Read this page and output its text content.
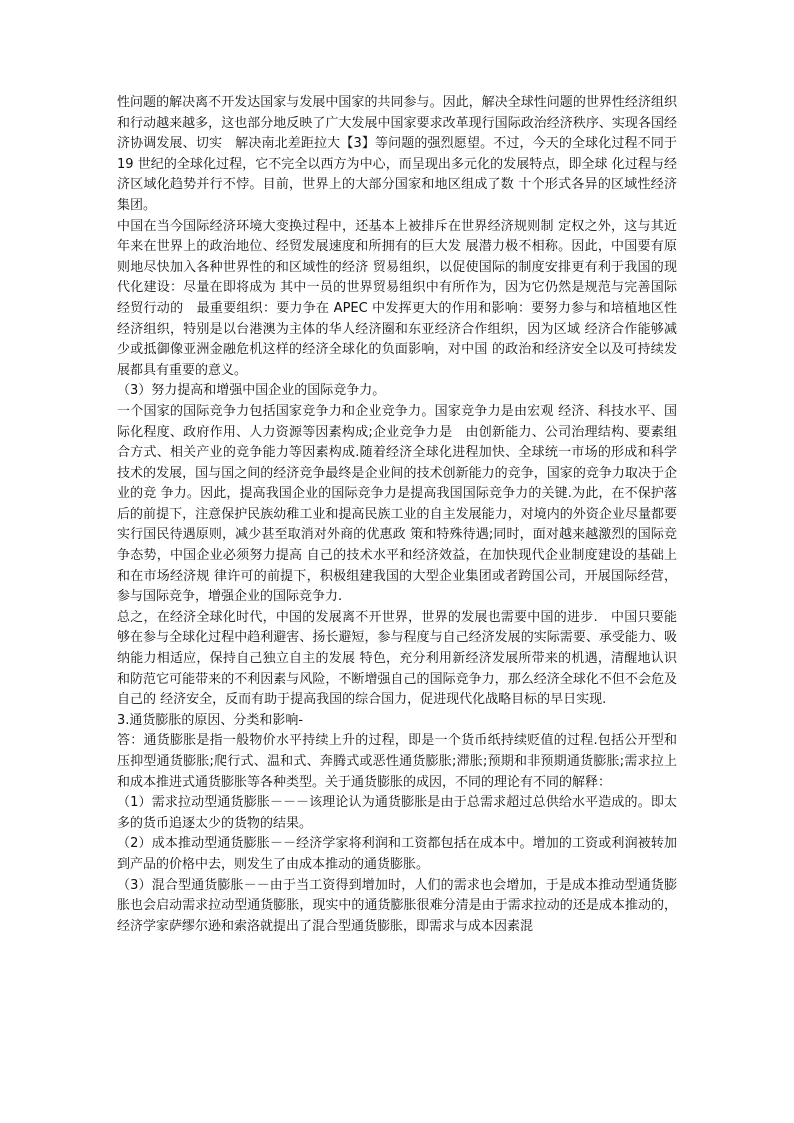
性问题的解决离不开发达国家与发展中国家的共同参与。因此，解决全球性问题的世界性经济组织和行动越来越多，这也部分地反映了广大发展中国家要求改革现行国际政治经济秩序、实现各国经济协调发展、切实　解决南北差距拉大【3】等问题的强烈愿望。不过，今天的全球化过程不同于 19 世纪的全球化过程，它不完全以西方为中心，而呈现出多元化的发展特点，即全球 化过程与经济区域化趋势并行不悖。目前，世界上的大部分国家和地区组成了数 十个形式各异的区域性经济集团。

中国在当今国际经济环境大变换过程中，还基本上被排斥在世界经济规则制 定权之外，这与其近年来在世界上的政治地位、经贸发展速度和所拥有的巨大发 展潜力极不相称。因此，中国要有原则地尽快加入各种世界性的和区域性的经济 贸易组织，以促使国际的制度安排更有利于我国的现代化建设：尽量在即将成为 其中一员的世界贸易组织中有所作为，因为它仍然是规范与完善国际经贸行动的　最重要组织：要力争在 APEC 中发挥更大的作用和影响：要努力参与和培植地区性 经济组织，特别是以台港澳为主体的华人经济圈和东亚经济合作组织，因为区域 经济合作能够减少或抵御像亚洲金融危机这样的经济全球化的负面影响，对中国 的政治和经济安全以及可持续发展都具有重要的意义。

（3）努力提高和增强中国企业的国际竞争力。

一个国家的国际竞争力包括国家竞争力和企业竞争力。国家竞争力是由宏观 经济、科技水平、国际化程度、政府作用、人力资源等因素构成;企业竞争力是　由创新能力、公司治理结构、要素组合方式、相关产业的竞争能力等因素构成.随着经济全球化进程加快、全球统一市场的形成和科学技术的发展，国与国之间的经济竞争最终是企业间的技术创新能力的竞争，国家的竞争力取决于企业的竞 争力。因此，提高我国企业的国际竞争力是提高我国国际竞争力的关键.为此，在不保护落后的前提下，注意保护民族幼稚工业和提高民族工业的自主发展能力，对境内的外资企业尽量都要实行国民待遇原则，减少甚至取消对外商的优惠政 策和特殊待遇;同时，面对越来越激烈的国际竞争态势，中国企业必须努力提高 自己的技术水平和经济效益，在加快现代企业制度建设的基础上和在市场经济规 律许可的前提下，积极组建我国的大型企业集团或者跨国公司，开展国际经营，参与国际竞争，增强企业的国际竞争力.

总之，在经济全球化时代，中国的发展离不开世界，世界的发展也需要中国的进步.　中国只要能够在参与全球化过程中趋利避害、扬长避短，参与程度与自己经济发展的实际需要、承受能力、吸纳能力相适应，保持自己独立自主的发展 特色，充分利用新经济发展所带来的机遇，清醒地认识和防范它可能带来的不利因素与风险，不断增强自己的国际竞争力，那么经济全球化不但不会危及自己的 经济安全，反而有助于提高我国的综合国力，促进现代化战略目标的早日实现.

3.通货膨胀的原因、分类和影响-

答：通货膨胀是指一般物价水平持续上升的过程，即是一个货币纸持续贬值的过程.包括公开型和压抑型通货膨胀;爬行式、温和式、奔腾式或恶性通货膨胀;滞胀;预期和非预期通货膨胀;需求拉上和成本推进式通货膨胀等各种类型。关于通货膨胀的成因，不同的理论有不同的解释：

（1）需求拉动型通货膨胀－－－该理论认为通货膨胀是由于总需求超过总供给水平造成的。即太多的货币追逐太少的货物的结果。

（2）成本推动型通货膨胀－－经济学家将利润和工资都包括在成本中。增加的工资或利润被转加到产品的价格中去，则发生了由成本推动的通货膨胀。

（3）混合型通货膨胀－－由于当工资得到增加时，人们的需求也会增加，于是成本推动型通货膨胀也会启动需求拉动型通货膨胀，现实中的通货膨胀很难分清是由于需求拉动的还是成本推动的，经济学家萨缪尔逊和索洛就提出了混合型通货膨胀，即需求与成本因素混
